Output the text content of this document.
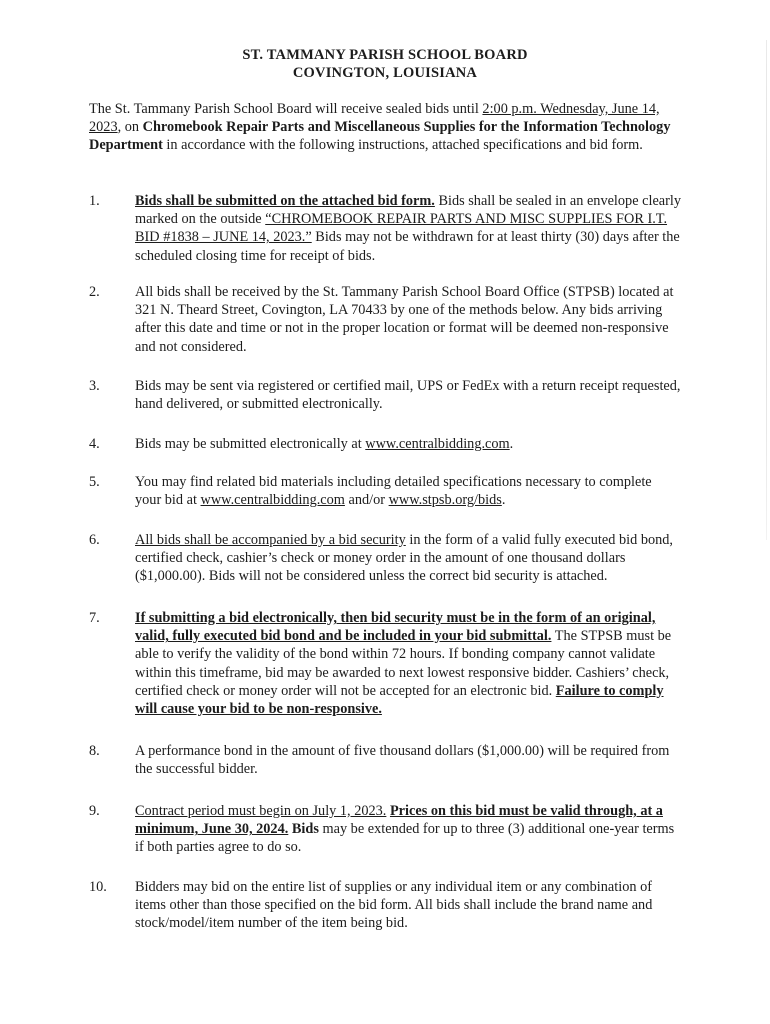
ST. TAMMANY PARISH SCHOOL BOARD
COVINGTON, LOUISIANA
The St. Tammany Parish School Board will receive sealed bids until 2:00 p.m. Wednesday, June 14, 2023, on Chromebook Repair Parts and Miscellaneous Supplies for the Information Technology Department in accordance with the following instructions, attached specifications and bid form.
1.	Bids shall be submitted on the attached bid form. Bids shall be sealed in an envelope clearly marked on the outside “CHROMEBOOK REPAIR PARTS AND MISC SUPPLIES FOR I.T. BID #1838 – JUNE 14, 2023.” Bids may not be withdrawn for at least thirty (30) days after the scheduled closing time for receipt of bids.
2.	All bids shall be received by the St. Tammany Parish School Board Office (STPSB) located at 321 N. Theard Street, Covington, LA 70433 by one of the methods below. Any bids arriving after this date and time or not in the proper location or format will be deemed non-responsive and not considered.
3.	Bids may be sent via registered or certified mail, UPS or FedEx with a return receipt requested, hand delivered, or submitted electronically.
4.	Bids may be submitted electronically at www.centralbidding.com.
5.	You may find related bid materials including detailed specifications necessary to complete your bid at www.centralbidding.com and/or www.stpsb.org/bids.
6.	All bids shall be accompanied by a bid security in the form of a valid fully executed bid bond, certified check, cashier’s check or money order in the amount of one thousand dollars ($1,000.00). Bids will not be considered unless the correct bid security is attached.
7.	If submitting a bid electronically, then bid security must be in the form of an original, valid, fully executed bid bond and be included in your bid submittal. The STPSB must be able to verify the validity of the bond within 72 hours. If bonding company cannot validate within this timeframe, bid may be awarded to next lowest responsive bidder. Cashiers’ check, certified check or money order will not be accepted for an electronic bid. Failure to comply will cause your bid to be non-responsive.
8.	A performance bond in the amount of five thousand dollars ($1,000.00) will be required from the successful bidder.
9.	Contract period must begin on July 1, 2023. Prices on this bid must be valid through, at a minimum, June 30, 2024. Bids may be extended for up to three (3) additional one-year terms if both parties agree to do so.
10.	Bidders may bid on the entire list of supplies or any individual item or any combination of items other than those specified on the bid form. All bids shall include the brand name and stock/model/item number of the item being bid.
